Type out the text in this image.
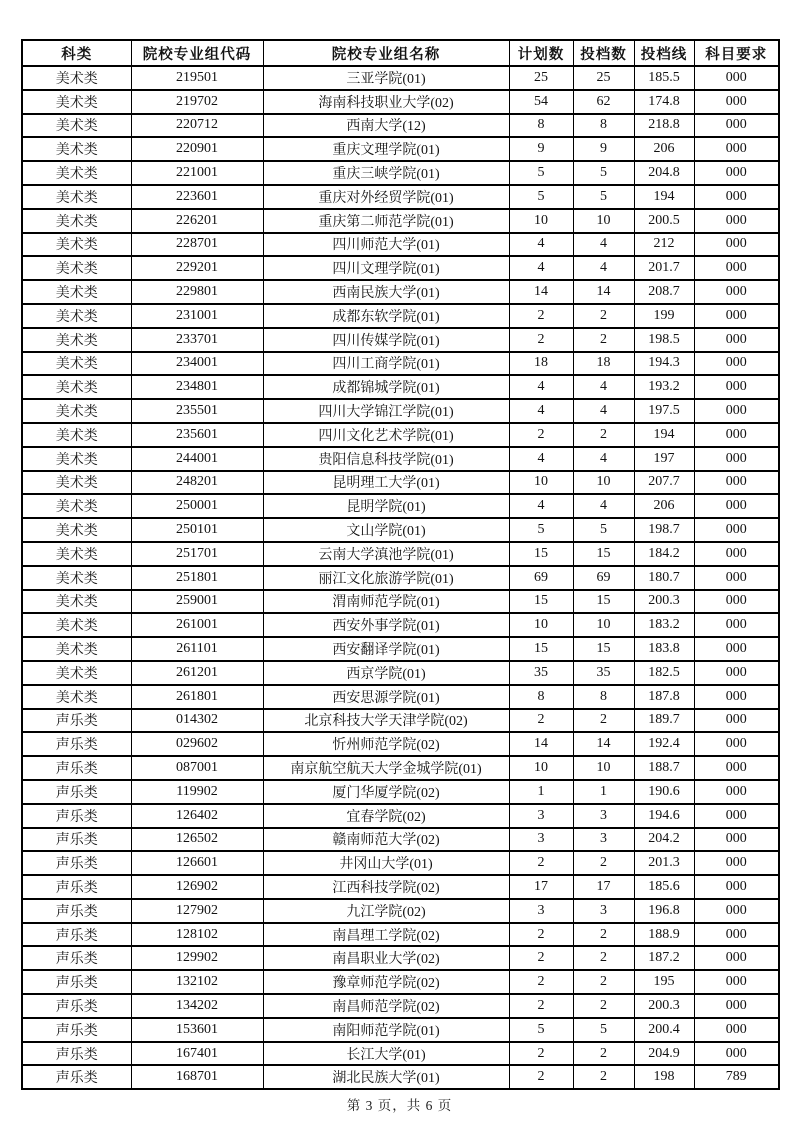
科类	院校专业组代码	院校专业组名称	计划数	投档数	投档线	科目要求
美术类	219501	三亚学院(01)	25	25	185.5	000
美术类	219702	海南科技职业大学(02)	54	62	174.8	000
美术类	220712	西南大学(12)	8	8	218.8	000
美术类	220901	重庆文理学院(01)	9	9	206	000
美术类	221001	重庆三峡学院(01)	5	5	204.8	000
美术类	223601	重庆对外经贸学院(01)	5	5	194	000
美术类	226201	重庆第二师范学院(01)	10	10	200.5	000
美术类	228701	四川师范大学(01)	4	4	212	000
美术类	229201	四川文理学院(01)	4	4	201.7	000
美术类	229801	西南民族大学(01)	14	14	208.7	000
美术类	231001	成都东软学院(01)	2	2	199	000
美术类	233701	四川传媒学院(01)	2	2	198.5	000
美术类	234001	四川工商学院(01)	18	18	194.3	000
美术类	234801	成都锦城学院(01)	4	4	193.2	000
美术类	235501	四川大学锦江学院(01)	4	4	197.5	000
美术类	235601	四川文化艺术学院(01)	2	2	194	000
美术类	244001	贵阳信息科技学院(01)	4	4	197	000
美术类	248201	昆明理工大学(01)	10	10	207.7	000
美术类	250001	昆明学院(01)	4	4	206	000
美术类	250101	文山学院(01)	5	5	198.7	000
美术类	251701	云南大学滇池学院(01)	15	15	184.2	000
美术类	251801	丽江文化旅游学院(01)	69	69	180.7	000
美术类	259001	渭南师范学院(01)	15	15	200.3	000
美术类	261001	西安外事学院(01)	10	10	183.2	000
美术类	261101	西安翻译学院(01)	15	15	183.8	000
美术类	261201	西京学院(01)	35	35	182.5	000
美术类	261801	西安思源学院(01)	8	8	187.8	000
声乐类	014302	北京科技大学天津学院(02)	2	2	189.7	000
声乐类	029602	忻州师范学院(02)	14	14	192.4	000
声乐类	087001	南京航空航天大学金城学院(01)	10	10	188.7	000
声乐类	119902	厦门华厦学院(02)	1	1	190.6	000
声乐类	126402	宜春学院(02)	3	3	194.6	000
声乐类	126502	赣南师范大学(02)	3	3	204.2	000
声乐类	126601	井冈山大学(01)	2	2	201.3	000
声乐类	126902	江西科技学院(02)	17	17	185.6	000
声乐类	127902	九江学院(02)	3	3	196.8	000
声乐类	128102	南昌理工学院(02)	2	2	188.9	000
声乐类	129902	南昌职业大学(02)	2	2	187.2	000
声乐类	132102	豫章师范学院(02)	2	2	195	000
声乐类	134202	南昌师范学院(02)	2	2	200.3	000
声乐类	153601	南阳师范学院(01)	5	5	200.4	000
声乐类	167401	长江大学(01)	2	2	204.9	000
声乐类	168701	湖北民族大学(01)	2	2	198	789
第 3 页，共 6 页
